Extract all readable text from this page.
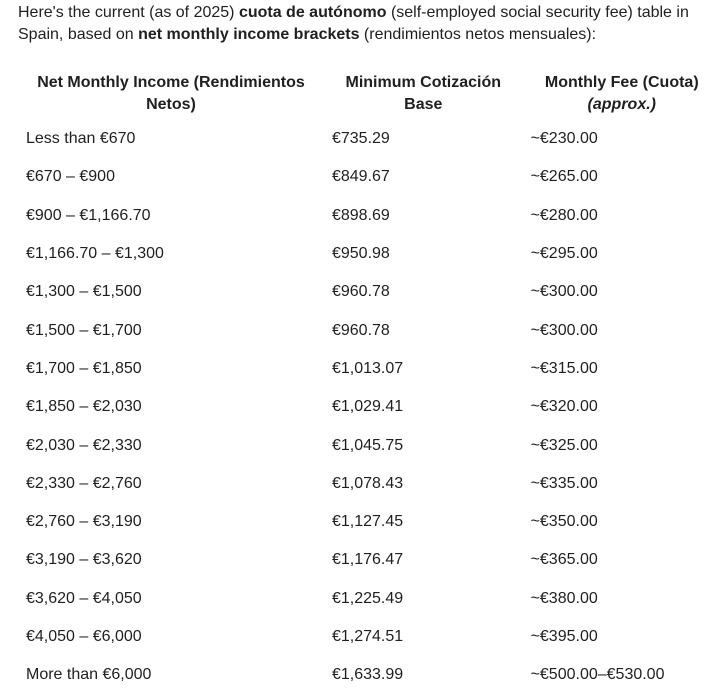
Here's the current (as of 2025) cuota de autónomo (self-employed social security fee) table in Spain, based on net monthly income brackets (rendimientos netos mensuales):

Net Monthly Income (Rendimientos Netos)	Minimum Cotización Base	Monthly Fee (Cuota)
(approx.)
Less than €670	€735.29	~€230.00
€670 – €900	€849.67	~€265.00
€900 – €1,166.70	€898.69	~€280.00
€1,166.70 – €1,300	€950.98	~€295.00
€1,300 – €1,500	€960.78	~€300.00
€1,500 – €1,700	€960.78	~€300.00
€1,700 – €1,850	€1,013.07	~€315.00
€1,850 – €2,030	€1,029.41	~€320.00
€2,030 – €2,330	€1,045.75	~€325.00
€2,330 – €2,760	€1,078.43	~€335.00
€2,760 – €3,190	€1,127.45	~€350.00
€3,190 – €3,620	€1,176.47	~€365.00
€3,620 – €4,050	€1,225.49	~€380.00
€4,050 – €6,000	€1,274.51	~€395.00
More than €6,000	€1,633.99	~€500.00–€530.00
